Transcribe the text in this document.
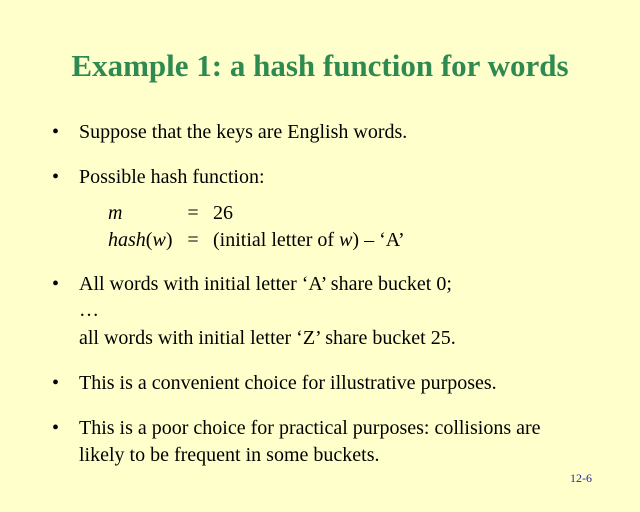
Example 1: a hash function for words
• Suppose that the keys are English words.
• Possible hash function:
m	= 26
hash(w) = (initial letter of w) – ‘A’
• All words with initial letter ‘A’ share bucket 0;
…
all words with initial letter ‘Z’ share bucket 25.
• This is a convenient choice for illustrative purposes.
• This is a poor choice for practical purposes: collisions are
likely to be frequent in some buckets.
12-6
